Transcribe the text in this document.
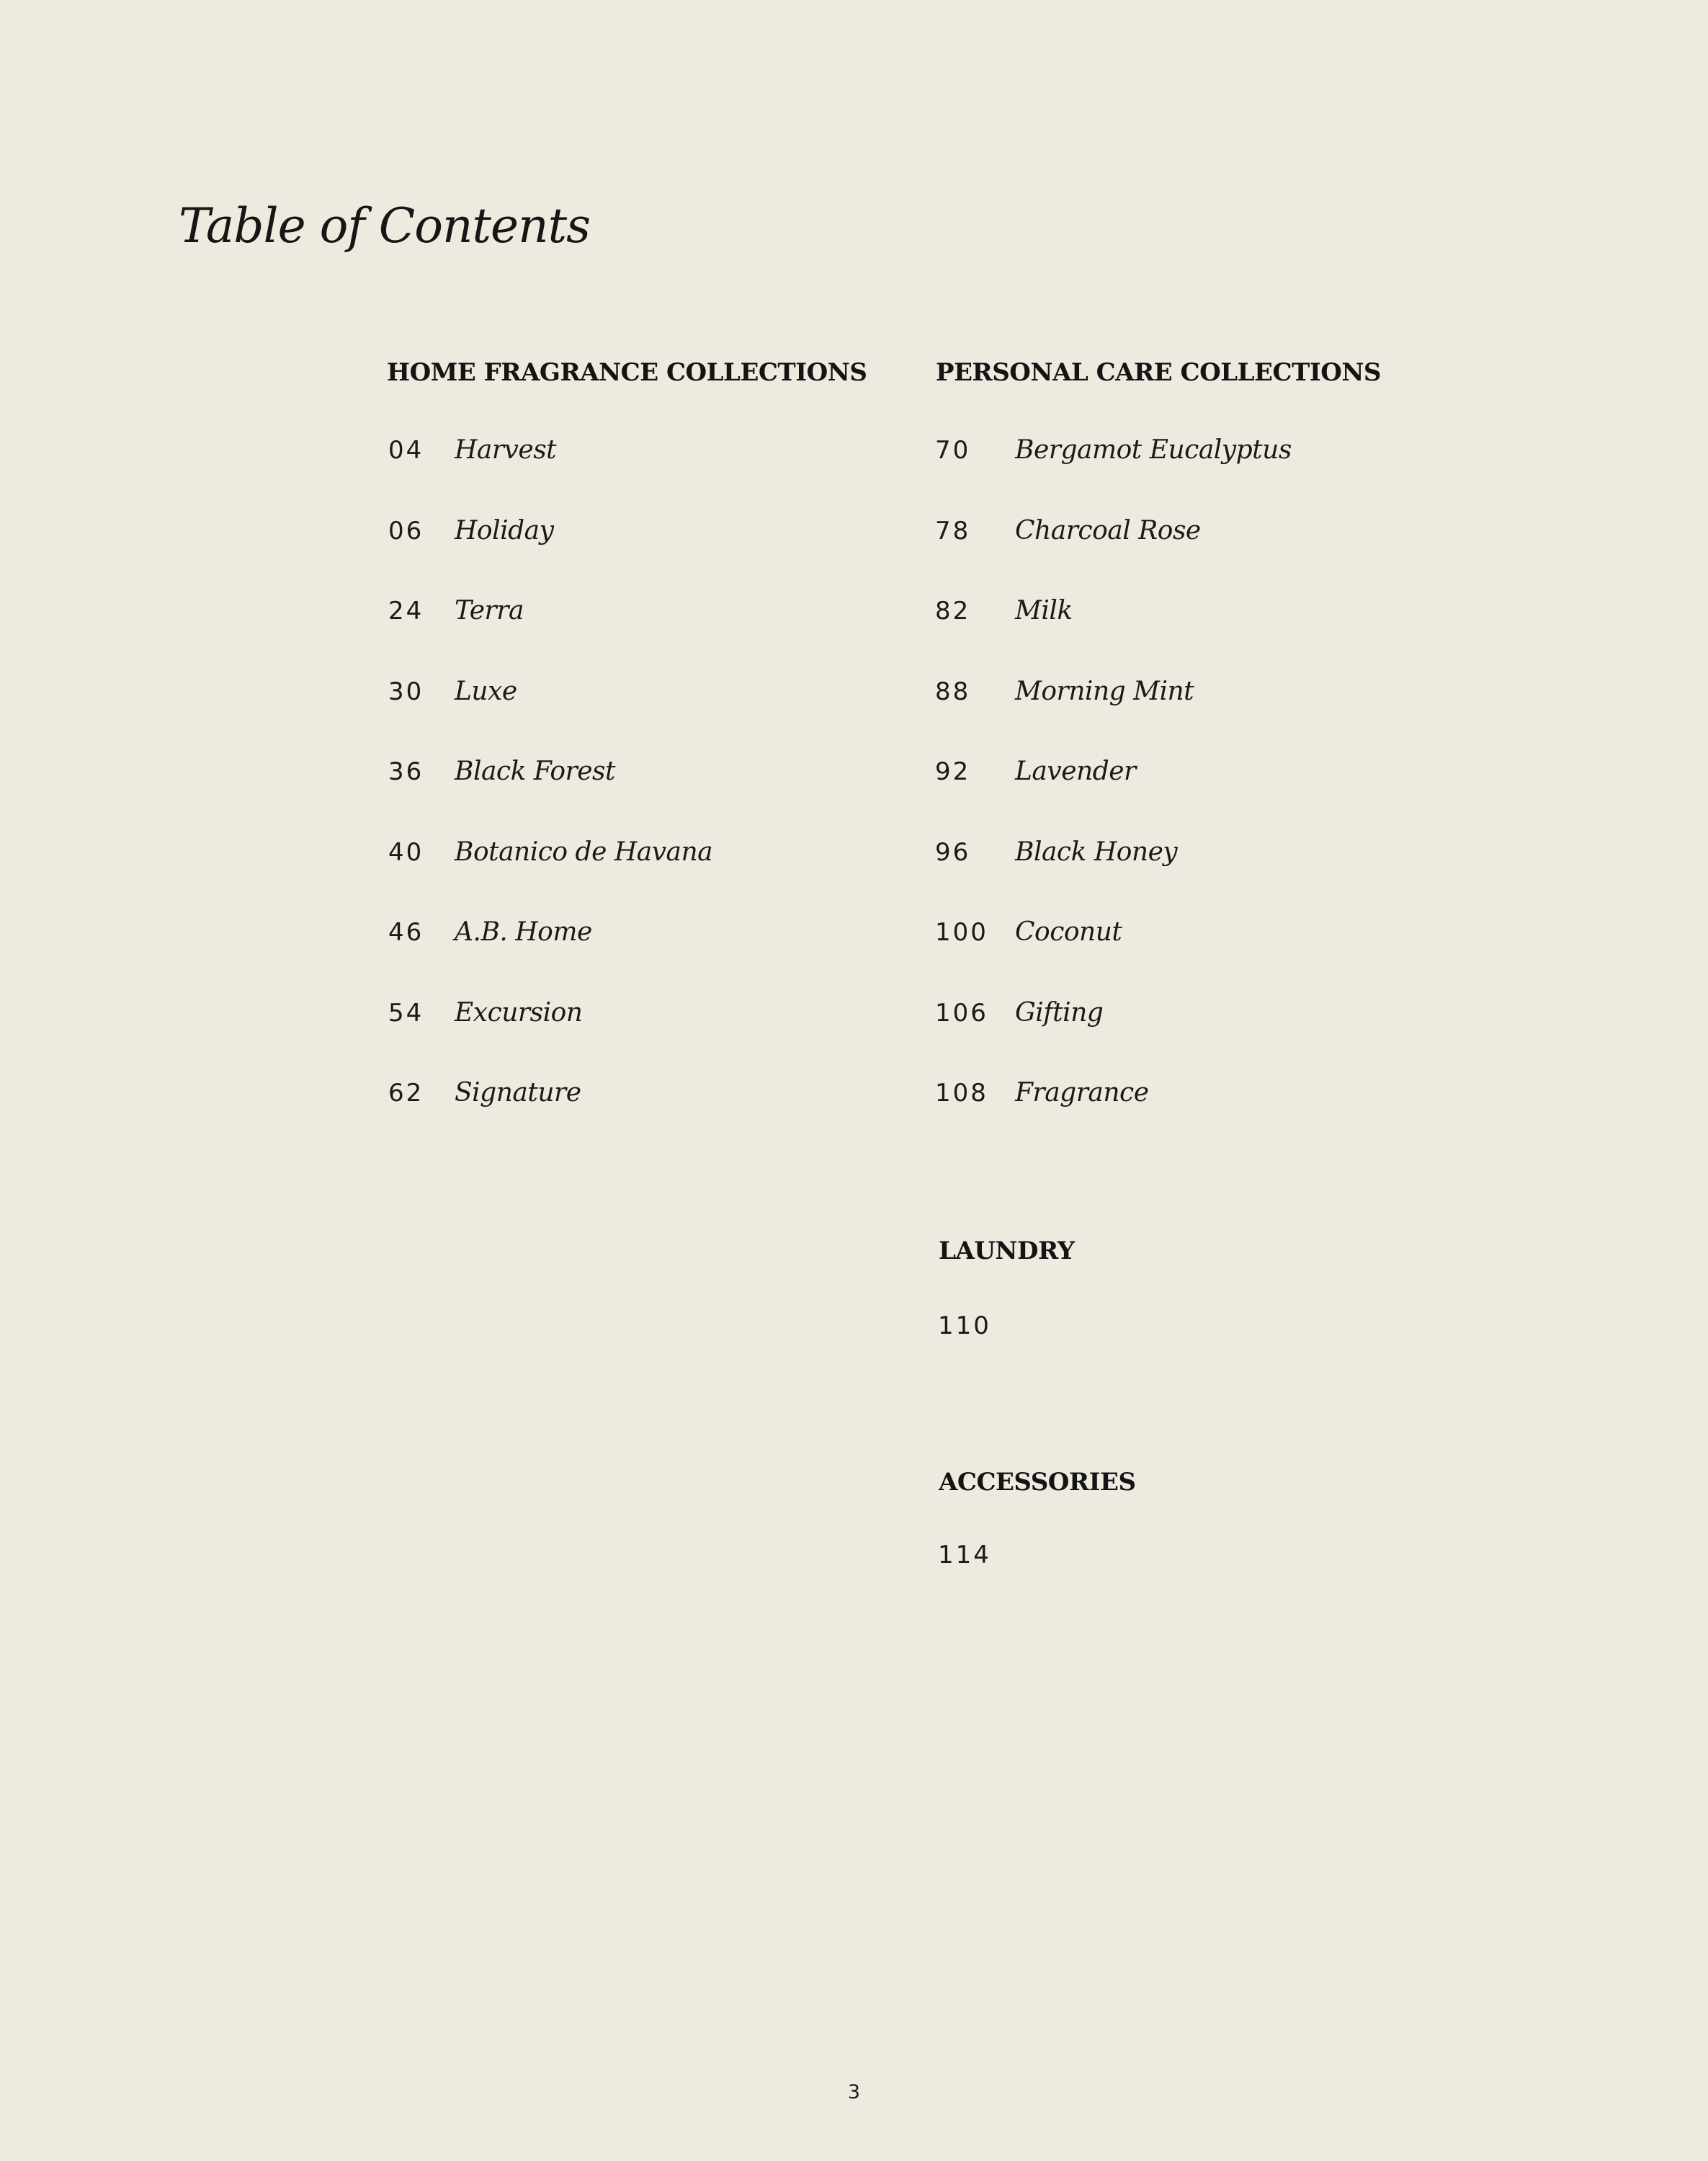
Table of Contents
HOME FRAGRANCE COLLECTIONS
04	Harvest
06	Holiday
24	Terra
30	Luxe
36	Black Forest
40	Botanico de Havana
46	A.B. Home
54	Excursion
62	Signature
PERSONAL CARE COLLECTIONS
70	Bergamot Eucalyptus
78	Charcoal Rose
82	Milk
88	Morning Mint
92	Lavender
96	Black Honey
100	Coconut
106	Gifting
108	Fragrance
LAUNDRY
110
ACCESSORIES
114
3
